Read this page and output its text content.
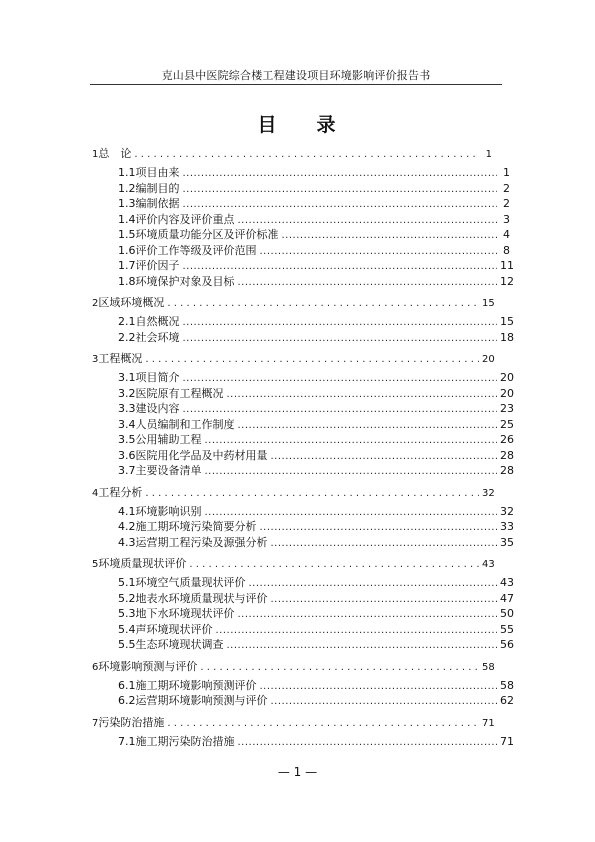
克山县中医院综合楼工程建设项目环境影响评价报告书
目 录
1 总　论 .....	1
1.1 项目由来 .....	1
1.2 编制目的 .....	2
1.3 编制依据 .....	2
1.4 评价内容及评价重点 .....	3
1.5 环境质量功能分区及评价标准 .....	4
1.6 评价工作等级及评价范围 .....	8
1.7 评价因子 .....	11
1.8 环境保护对象及目标 .....	12
2 区域环境概况 .....	15
2.1 自然概况 .....	15
2.2 社会环境 .....	18
3 工程概况 .....	20
3.1 项目简介 .....	20
3.2 医院原有工程概况 .....	20
3.3 建设内容 .....	23
3.4 人员编制和工作制度 .....	25
3.5 公用辅助工程 .....	26
3.6 医院用化学品及中药材用量 .....	28
3.7 主要设备清单 .....	28
4 工程分析 .....	32
4.1 环境影响识别 .....	32
4.2 施工期环境污染简要分析 .....	33
4.3 运营期工程污染及源强分析 .....	35
5 环境质量现状评价 .....	43
5.1 环境空气质量现状评价 .....	43
5.2 地表水环境质量现状与评价 .....	47
5.3 地下水环境现状评价 .....	50
5.4 声环境现状评价 .....	55
5.5 生态环境现状调查 .....	56
6 环境影响预测与评价 .....	58
6.1 施工期环境影响预测评价 .....	58
6.2 运营期环境影响预测与评价 .....	62
7 污染防治措施 .....	71
7.1 施工期污染防治措施 .....	71
— 1 —
